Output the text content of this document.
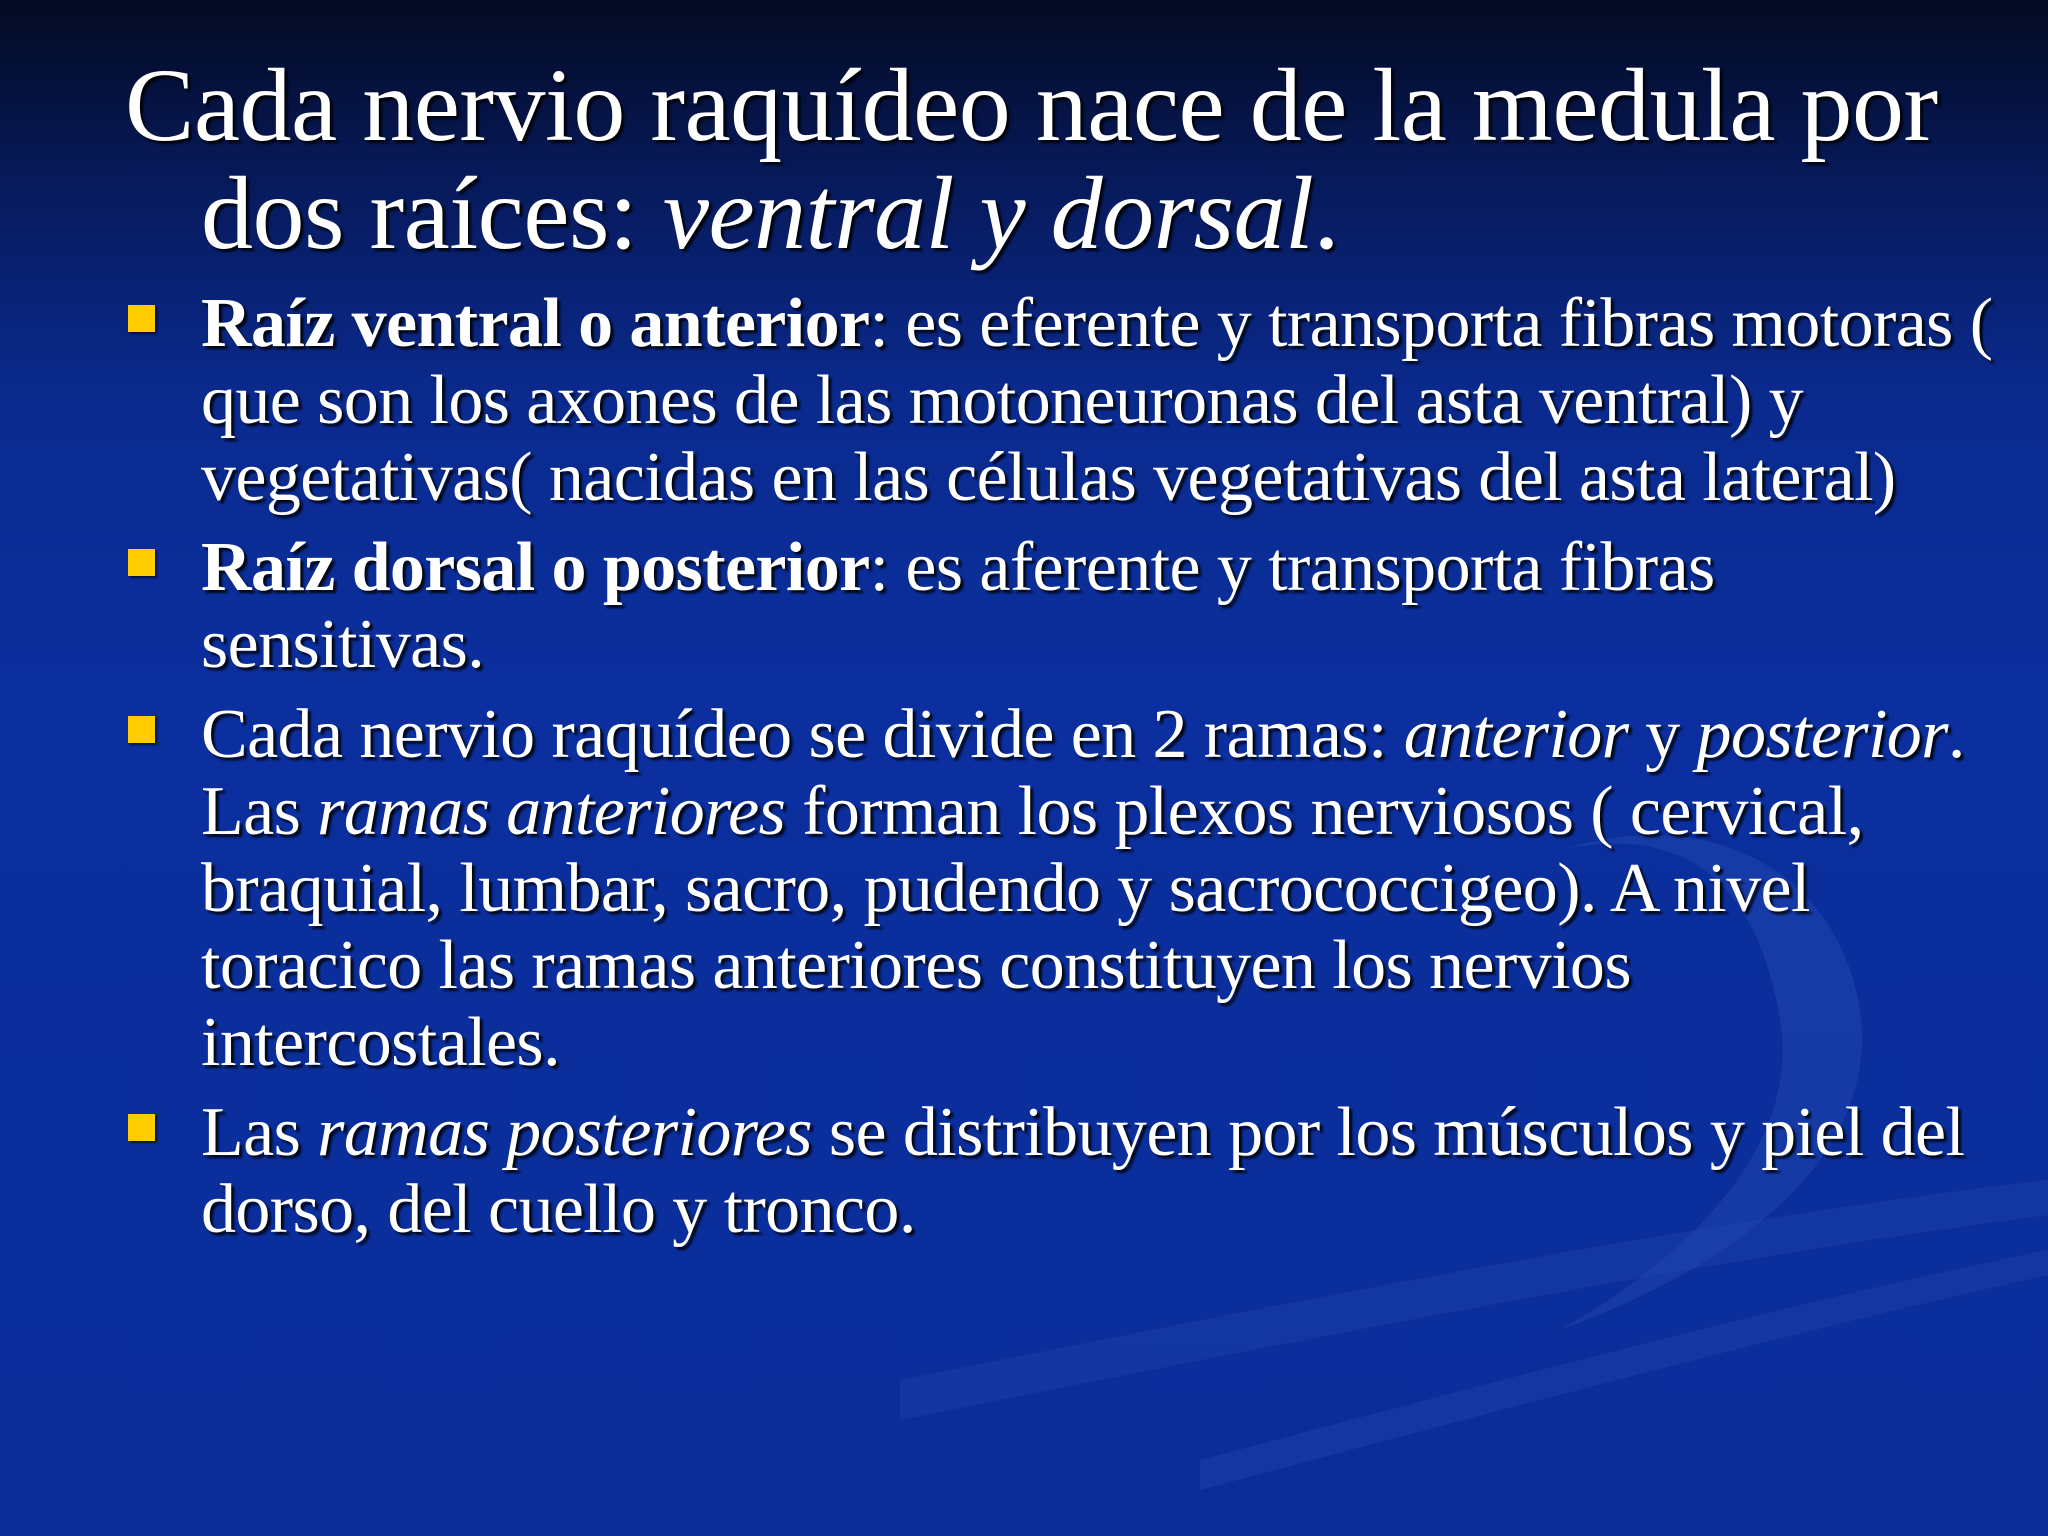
Cada nervio raquídeo nace de la medula por dos raíces: ventral y dorsal.
Raíz ventral o anterior: es eferente y transporta fibras motoras ( que son los axones de las motoneuronas del asta ventral) y vegetativas( nacidas en las células vegetativas del asta lateral)
Raíz dorsal o posterior: es aferente y transporta fibras sensitivas.
Cada nervio raquídeo se divide en 2 ramas: anterior y posterior. Las ramas anteriores forman los plexos nerviosos ( cervical, braquial, lumbar, sacro, pudendo y sacrococcigeo). A nivel toracico las ramas anteriores constituyen los nervios intercostales.
Las ramas posteriores se distribuyen por los músculos y piel del dorso, del cuello y tronco.
